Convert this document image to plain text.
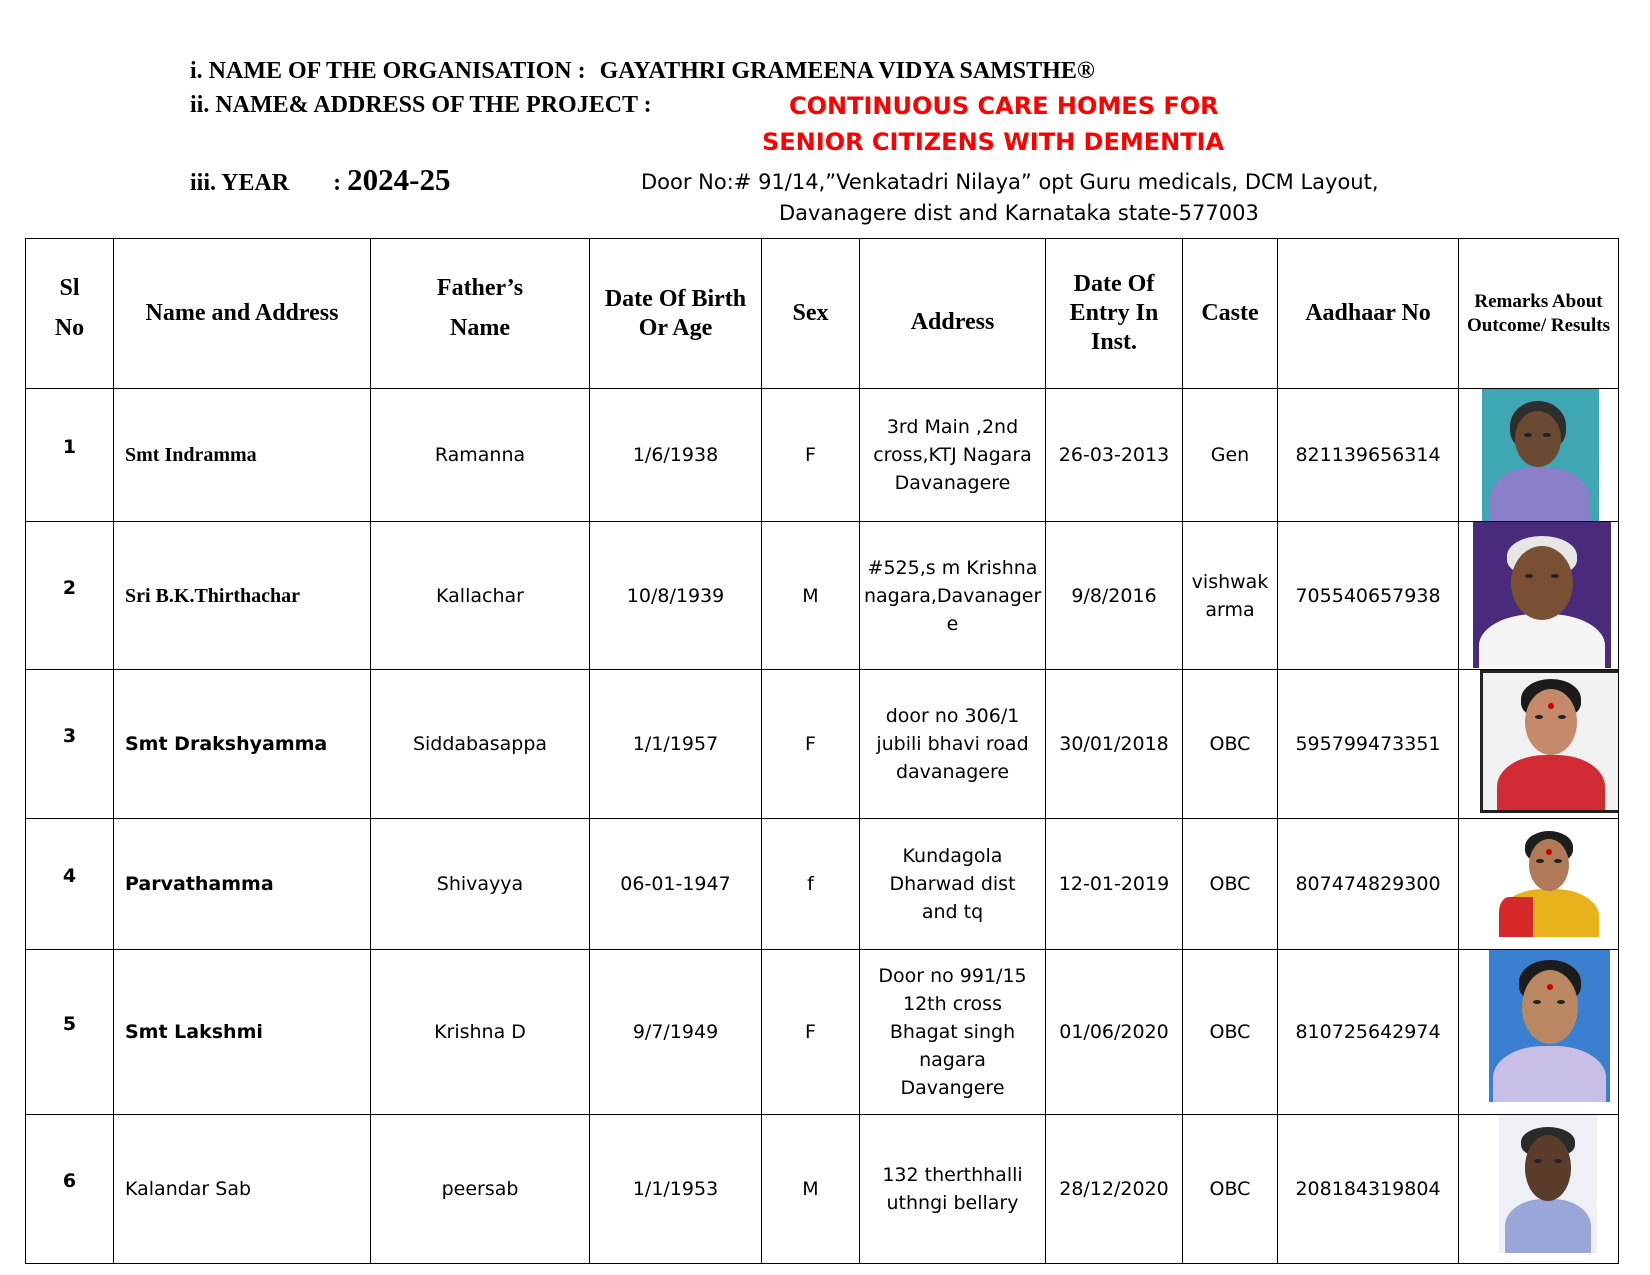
i. NAME OF THE ORGANISATION : GAYATHRI GRAMEENA VIDYA SAMSTHE®
ii. NAME& ADDRESS OF THE PROJECT :	CONTINUOUS CARE HOMES FOR
SENIOR CITIZENS WITH DEMENTIA
iii. YEAR : 2024-25	Door No:# 91/14,”Venkatadri Nilaya” opt Guru medicals, DCM Layout,
Davanagere dist and Karnataka state-577003
Sl
No	Name and Address	Father’s
Name	Date Of Birth
Or Age	Sex	Address	Date Of
Entry In
Inst.	Caste	Aadhaar No	Remarks About
Outcome/ Results
1	Smt Indramma	Ramanna	1/6/1938	F	3rd Main ,2nd
cross,KTJ Nagara
Davanagere	26-03-2013	Gen	821139656314	

2	Sri B.K.Thirthachar	Kallachar	10/8/1939	M	#525,s m Krishna
nagara,Davanager
e	9/8/2016	vishwak
arma	705540657938	

3	Smt Drakshyamma	Siddabasappa	1/1/1957	F	door no 306/1
jubili bhavi road
davanagere	30/01/2018	OBC	595799473351	

4	Parvathamma	Shivayya	06-01-1947	f	Kundagola
Dharwad dist
and tq	12-01-2019	OBC	807474829300	

5	Smt Lakshmi	Krishna D	9/7/1949	F	Door no 991/15
12th cross
Bhagat singh
nagara
Davangere	01/06/2020	OBC	810725642974	

6	Kalandar Sab	peersab	1/1/1953	M	132 therthhalli
uthngi bellary	28/12/2020	OBC	208184319804	
